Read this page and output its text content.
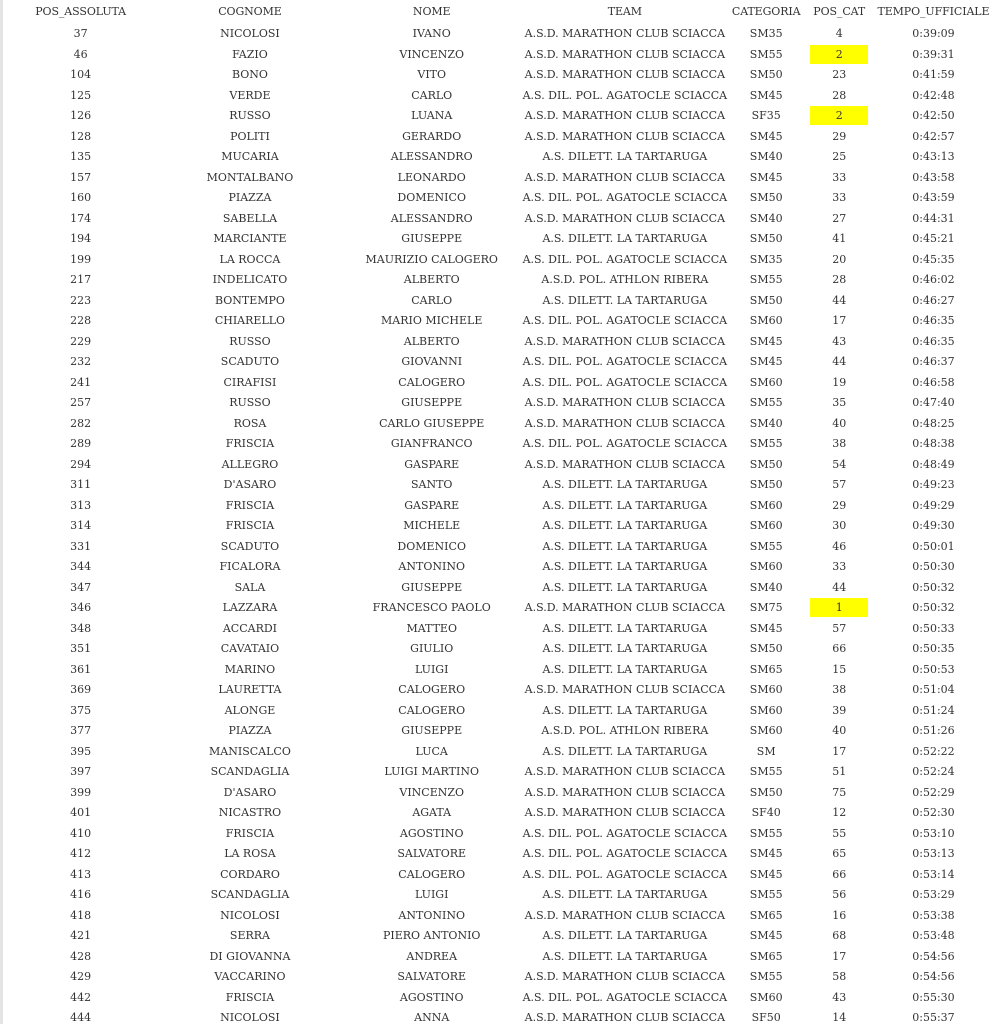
POS_ASSOLUTA	COGNOME	NOME	TEAM	CATEGORIA	POS_CAT	TEMPO_UFFICIALE
37	NICOLOSI	IVANO	A.S.D. MARATHON CLUB SCIACCA	SM35	4	0:39:09
46	FAZIO	VINCENZO	A.S.D. MARATHON CLUB SCIACCA	SM55	2	0:39:31
104	BONO	VITO	A.S.D. MARATHON CLUB SCIACCA	SM50	23	0:41:59
125	VERDE	CARLO	A.S. DIL. POL. AGATOCLE SCIACCA	SM45	28	0:42:48
126	RUSSO	LUANA	A.S.D. MARATHON CLUB SCIACCA	SF35	2	0:42:50
128	POLITI	GERARDO	A.S.D. MARATHON CLUB SCIACCA	SM45	29	0:42:57
135	MUCARIA	ALESSANDRO	A.S. DILETT. LA TARTARUGA	SM40	25	0:43:13
157	MONTALBANO	LEONARDO	A.S.D. MARATHON CLUB SCIACCA	SM45	33	0:43:58
160	PIAZZA	DOMENICO	A.S. DIL. POL. AGATOCLE SCIACCA	SM50	33	0:43:59
174	SABELLA	ALESSANDRO	A.S.D. MARATHON CLUB SCIACCA	SM40	27	0:44:31
194	MARCIANTE	GIUSEPPE	A.S. DILETT. LA TARTARUGA	SM50	41	0:45:21
199	LA ROCCA	MAURIZIO CALOGERO	A.S. DIL. POL. AGATOCLE SCIACCA	SM35	20	0:45:35
217	INDELICATO	ALBERTO	A.S.D. POL. ATHLON RIBERA	SM55	28	0:46:02
223	BONTEMPO	CARLO	A.S. DILETT. LA TARTARUGA	SM50	44	0:46:27
228	CHIARELLO	MARIO MICHELE	A.S. DIL. POL. AGATOCLE SCIACCA	SM60	17	0:46:35
229	RUSSO	ALBERTO	A.S.D. MARATHON CLUB SCIACCA	SM45	43	0:46:35
232	SCADUTO	GIOVANNI	A.S. DIL. POL. AGATOCLE SCIACCA	SM45	44	0:46:37
241	CIRAFISI	CALOGERO	A.S. DIL. POL. AGATOCLE SCIACCA	SM60	19	0:46:58
257	RUSSO	GIUSEPPE	A.S.D. MARATHON CLUB SCIACCA	SM55	35	0:47:40
282	ROSA	CARLO GIUSEPPE	A.S.D. MARATHON CLUB SCIACCA	SM40	40	0:48:25
289	FRISCIA	GIANFRANCO	A.S. DIL. POL. AGATOCLE SCIACCA	SM55	38	0:48:38
294	ALLEGRO	GASPARE	A.S.D. MARATHON CLUB SCIACCA	SM50	54	0:48:49
311	D'ASARO	SANTO	A.S. DILETT. LA TARTARUGA	SM50	57	0:49:23
313	FRISCIA	GASPARE	A.S. DILETT. LA TARTARUGA	SM60	29	0:49:29
314	FRISCIA	MICHELE	A.S. DILETT. LA TARTARUGA	SM60	30	0:49:30
331	SCADUTO	DOMENICO	A.S. DILETT. LA TARTARUGA	SM55	46	0:50:01
344	FICALORA	ANTONINO	A.S. DILETT. LA TARTARUGA	SM60	33	0:50:30
347	SALA	GIUSEPPE	A.S. DILETT. LA TARTARUGA	SM40	44	0:50:32
346	LAZZARA	FRANCESCO PAOLO	A.S.D. MARATHON CLUB SCIACCA	SM75	1	0:50:32
348	ACCARDI	MATTEO	A.S. DILETT. LA TARTARUGA	SM45	57	0:50:33
351	CAVATAIO	GIULIO	A.S. DILETT. LA TARTARUGA	SM50	66	0:50:35
361	MARINO	LUIGI	A.S. DILETT. LA TARTARUGA	SM65	15	0:50:53
369	LAURETTA	CALOGERO	A.S.D. MARATHON CLUB SCIACCA	SM60	38	0:51:04
375	ALONGE	CALOGERO	A.S. DILETT. LA TARTARUGA	SM60	39	0:51:24
377	PIAZZA	GIUSEPPE	A.S.D. POL. ATHLON RIBERA	SM60	40	0:51:26
395	MANISCALCO	LUCA	A.S. DILETT. LA TARTARUGA	SM	17	0:52:22
397	SCANDAGLIA	LUIGI MARTINO	A.S.D. MARATHON CLUB SCIACCA	SM55	51	0:52:24
399	D'ASARO	VINCENZO	A.S.D. MARATHON CLUB SCIACCA	SM50	75	0:52:29
401	NICASTRO	AGATA	A.S.D. MARATHON CLUB SCIACCA	SF40	12	0:52:30
410	FRISCIA	AGOSTINO	A.S. DIL. POL. AGATOCLE SCIACCA	SM55	55	0:53:10
412	LA ROSA	SALVATORE	A.S. DIL. POL. AGATOCLE SCIACCA	SM45	65	0:53:13
413	CORDARO	CALOGERO	A.S. DIL. POL. AGATOCLE SCIACCA	SM45	66	0:53:14
416	SCANDAGLIA	LUIGI	A.S. DILETT. LA TARTARUGA	SM55	56	0:53:29
418	NICOLOSI	ANTONINO	A.S.D. MARATHON CLUB SCIACCA	SM65	16	0:53:38
421	SERRA	PIERO ANTONIO	A.S. DILETT. LA TARTARUGA	SM45	68	0:53:48
428	DI GIOVANNA	ANDREA	A.S. DILETT. LA TARTARUGA	SM65	17	0:54:56
429	VACCARINO	SALVATORE	A.S.D. MARATHON CLUB SCIACCA	SM55	58	0:54:56
442	FRISCIA	AGOSTINO	A.S. DIL. POL. AGATOCLE SCIACCA	SM60	43	0:55:30
444	NICOLOSI	ANNA	A.S.D. MARATHON CLUB SCIACCA	SF50	14	0:55:37
